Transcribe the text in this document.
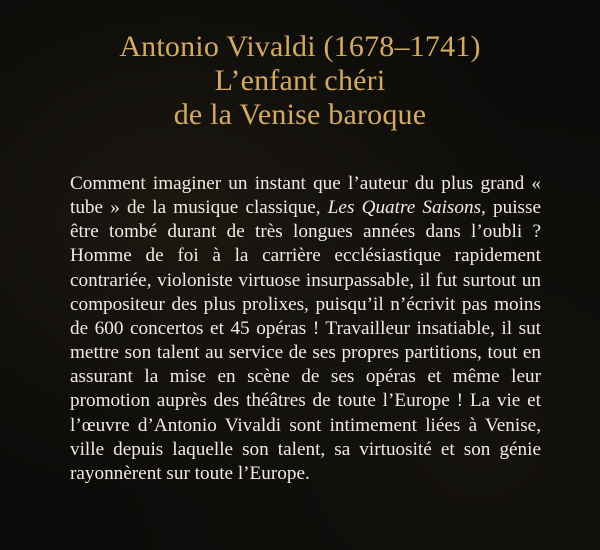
Antonio Vivaldi (1678–1741)
L’enfant chéri
de la Venise baroque

Comment imaginer un instant que l’auteur du plus grand « tube » de la musique classique, Les Quatre Saisons, puisse être tombé durant de très longues années dans l’oubli ? Homme de foi à la carrière ecclésiastique rapidement contrariée, violoniste virtuose insurpassable, il fut surtout un compositeur des plus prolixes, puisqu’il n’écrivit pas moins de 600 concertos et 45 opéras ! Travailleur insatiable, il sut mettre son talent au service de ses propres partitions, tout en assurant la mise en scène de ses opéras et même leur promotion auprès des théâtres de toute l’Europe ! La vie et l’œuvre d’Antonio Vivaldi sont intimement liées à Venise, ville depuis laquelle son talent, sa virtuosité et son génie rayonnèrent sur toute l’Europe.
